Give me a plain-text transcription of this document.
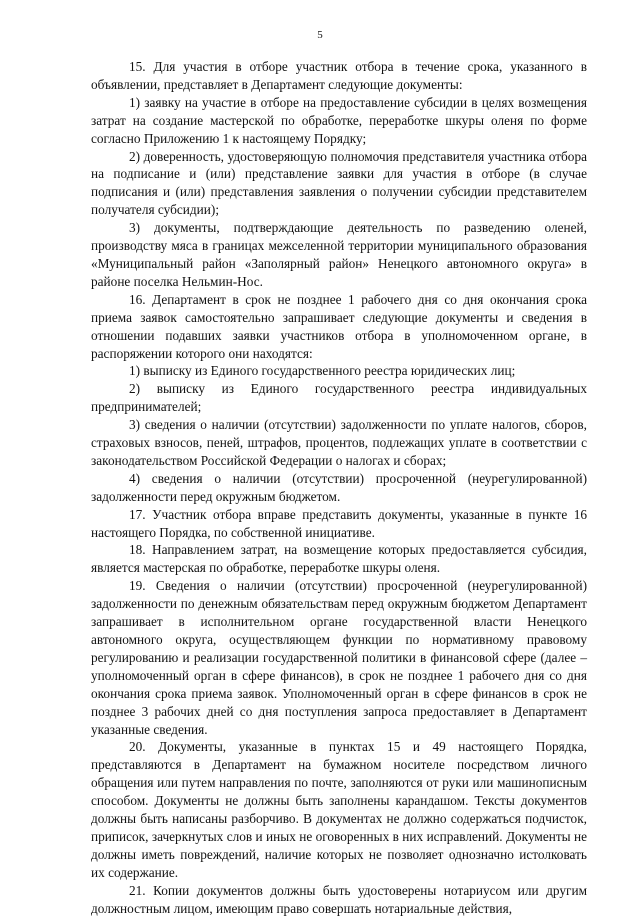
5

15. Для участия в отборе участник отбора в течение срока, указанного в объявлении, представляет в Департамент следующие документы:

1) заявку на участие в отборе на предоставление субсидии в целях возмещения затрат на создание мастерской по обработке, переработке шкуры оленя по форме согласно Приложению 1 к настоящему Порядку;

2) доверенность, удостоверяющую полномочия представителя участника отбора на подписание и (или) представление заявки для участия в отборе (в случае подписания и (или) представления заявления о получении субсидии представителем получателя субсидии);

3) документы, подтверждающие деятельность по разведению оленей, производству мяса в границах межселенной территории муниципального образования «Муниципальный район «Заполярный район» Ненецкого автономного округа» в районе поселка Нельмин-Нос.

16. Департамент в срок не позднее 1 рабочего дня со дня окончания срока приема заявок самостоятельно запрашивает следующие документы и сведения в отношении подавших заявки участников отбора в уполномоченном органе, в распоряжении которого они находятся:

1) выписку из Единого государственного реестра юридических лиц;

2) выписку из Единого государственного реестра индивидуальных предпринимателей;

3) сведения о наличии (отсутствии) задолженности по уплате налогов, сборов, страховых взносов, пеней, штрафов, процентов, подлежащих уплате в соответствии с законодательством Российской Федерации о налогах и сборах;

4) сведения о наличии (отсутствии) просроченной (неурегулированной) задолженности перед окружным бюджетом.

17. Участник отбора вправе представить документы, указанные в пункте 16 настоящего Порядка, по собственной инициативе.

18. Направлением затрат, на возмещение которых предоставляется субсидия, является мастерская по обработке, переработке шкуры оленя.

19. Сведения о наличии (отсутствии) просроченной (неурегулированной) задолженности по денежным обязательствам перед окружным бюджетом Департамент запрашивает в исполнительном органе государственной власти Ненецкого автономного округа, осуществляющем функции по нормативному правовому регулированию и реализации государственной политики в финансовой сфере (далее – уполномоченный орган в сфере финансов), в срок не позднее 1 рабочего дня со дня окончания срока приема заявок. Уполномоченный орган в сфере финансов в срок не позднее 3 рабочих дней со дня поступления запроса предоставляет в Департамент указанные сведения.

20. Документы, указанные в пунктах 15 и 49 настоящего Порядка, представляются в Департамент на бумажном носителе посредством личного обращения или путем направления по почте, заполняются от руки или машинописным способом. Документы не должны быть заполнены карандашом. Тексты документов должны быть написаны разборчиво. В документах не должно содержаться подчисток, приписок, зачеркнутых слов и иных не оговоренных в них исправлений. Документы не должны иметь повреждений, наличие которых не позволяет однозначно истолковать их содержание.

21. Копии документов должны быть удостоверены нотариусом или другим должностным лицом, имеющим право совершать нотариальные действия,
